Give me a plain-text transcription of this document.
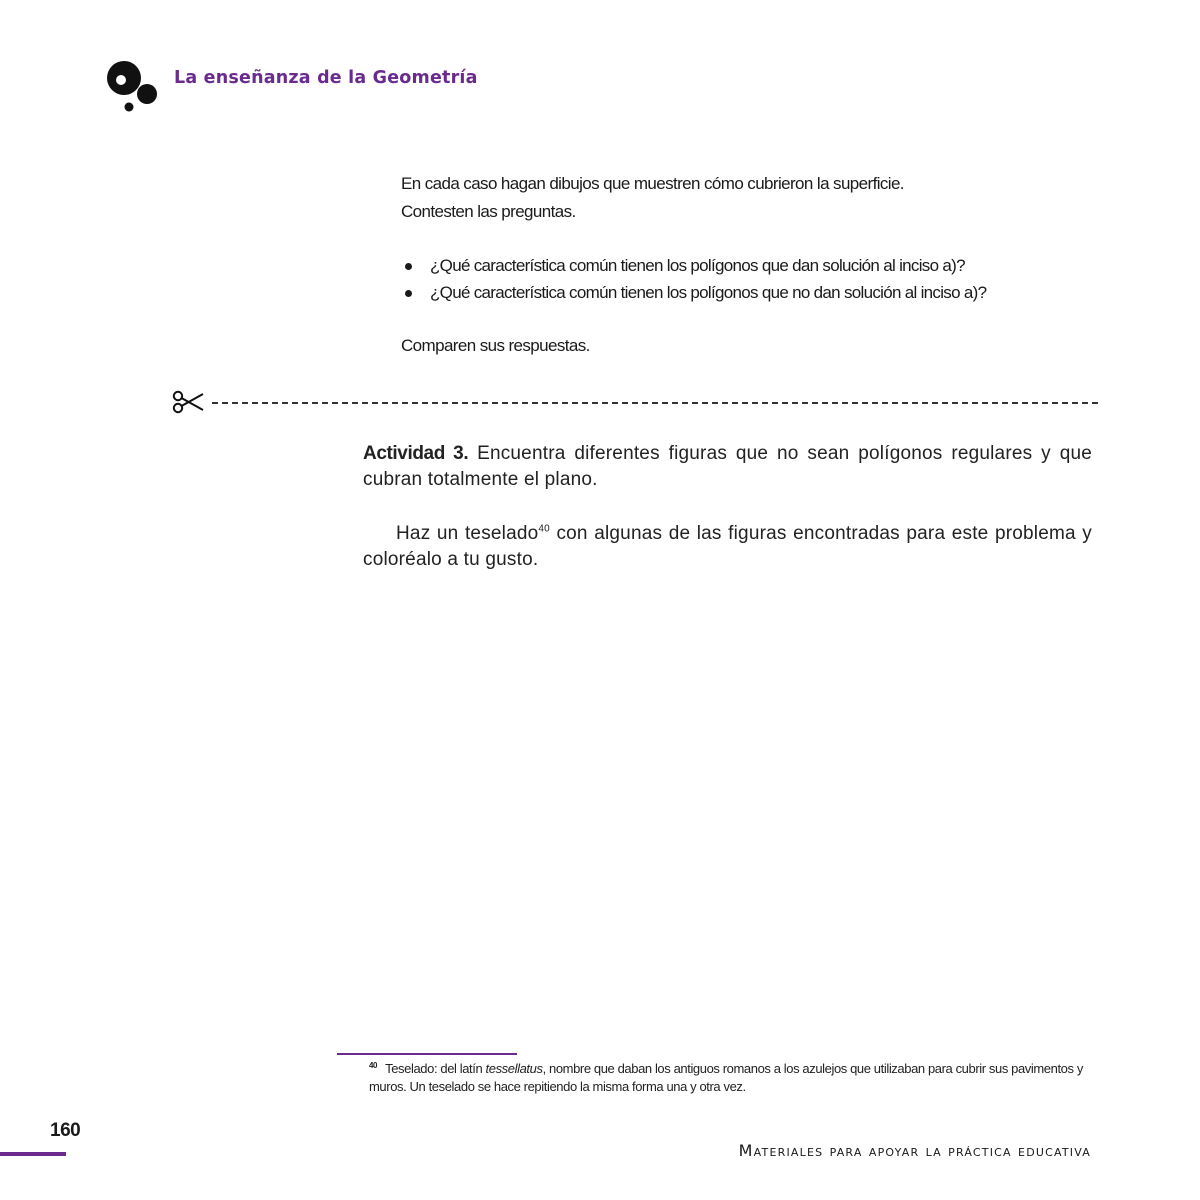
La enseñanza de la Geometría

En cada caso hagan dibujos que muestren cómo cubrieron la superficie.

Contesten las preguntas.

¿Qué característica común tienen los polígonos que dan solución al inciso a)?
¿Qué característica común tienen los polígonos que no dan solución al inciso a)?

Comparen sus respuestas.

Actividad 3. Encuentra diferentes figuras que no sean polígonos regulares y que cubran totalmente el plano.

Haz un teselado$^{40}$ con algunas de las figuras encontradas para este problema y coloréalo a tu gusto.

$^{40}$ Teselado: del latín tessellatus, nombre que daban los antiguos romanos a los azulejos que utilizaban para cubrir sus pavimentos y muros. Un teselado se hace repitiendo la misma forma una y otra vez.

160

Materiales para apoyar la práctica educativa
